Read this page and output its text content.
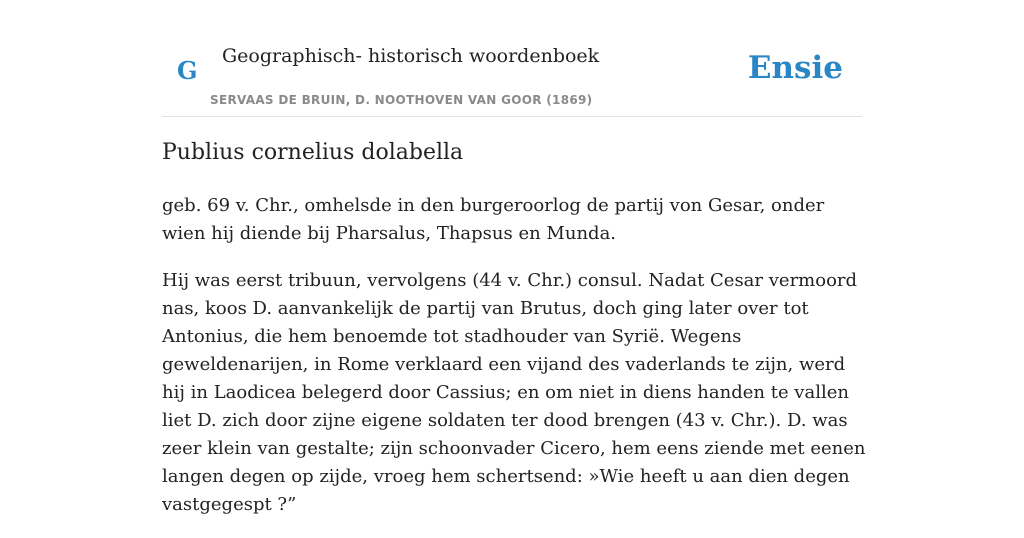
G Geographisch- historisch woordenboek
SERVAAS DE BRUIN, D. NOOTHOVEN VAN GOOR (1869)
Ensie
Publius cornelius dolabella

geb. 69 v. Chr., omhelsde in den burgeroorlog de partij von Gesar, onder wien hij diende bij Pharsalus, Thapsus en Munda.

Hij was eerst tribuun, vervolgens (44 v. Chr.) consul. Nadat Cesar vermoord nas, koos D. aanvankelijk de partij van Brutus, doch ging later over tot Antonius, die hem benoemde tot stadhouder van Syrië. Wegens geweldenarijen, in Rome verklaard een vijand des vaderlands te zijn, werd hij in Laodicea belegerd door Cassius; en om niet in diens handen te vallen liet D. zich door zijne eigene soldaten ter dood brengen (43 v. Chr.). D. was zeer klein van gestalte; zijn schoonvader Cicero, hem eens ziende met eenen langen degen op zijde, vroeg hem schertsend: »Wie heeft u aan dien degen vastgegespt ?”
